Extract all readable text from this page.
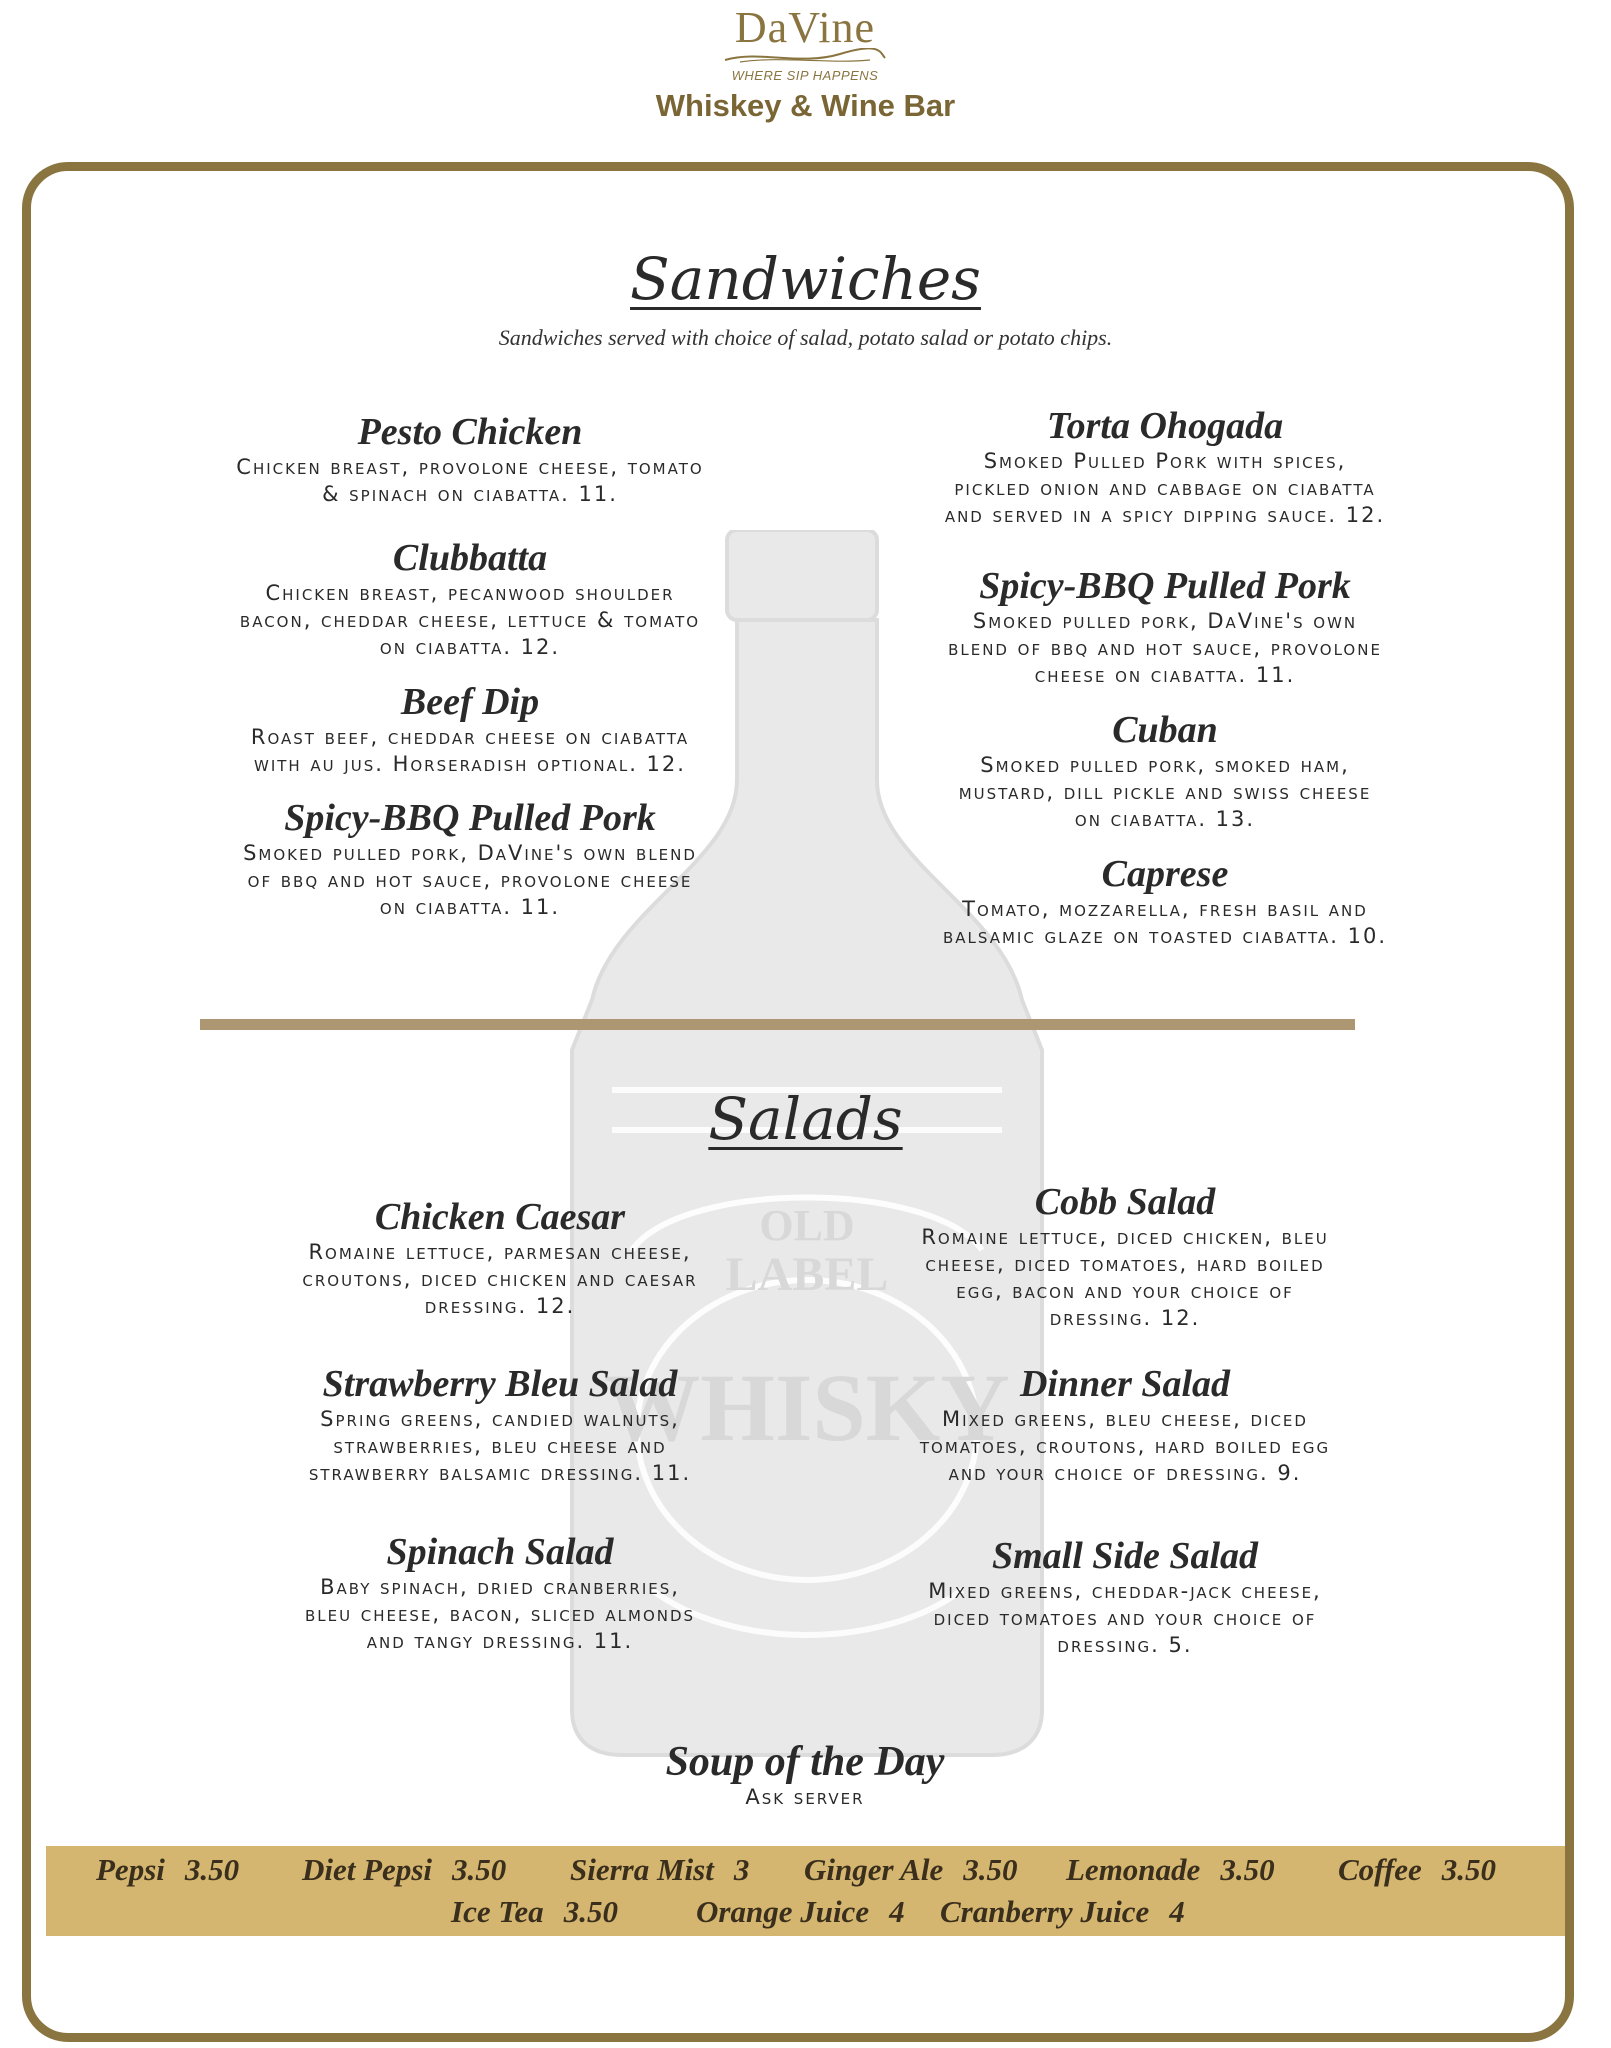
DaVine
WHERE SIP HAPPENS
Whiskey & Wine Bar
OLD
LABEL
WHISKY
Sandwiches
Sandwiches served with choice of salad, potato salad or potato chips.
Pesto Chicken
Chicken breast, provolone cheese, tomato
& spinach on ciabatta. 11.
Clubbatta
Chicken breast, pecanwood shoulder
bacon, cheddar cheese, lettuce & tomato
on ciabatta. 12.
Beef Dip
Roast beef, cheddar cheese on ciabatta
with au jus. Horseradish optional. 12.
Spicy-BBQ Pulled Pork
Smoked pulled pork, DaVine's own blend
of bbq and hot sauce, provolone cheese
on ciabatta. 11.
Torta Ohogada
Smoked Pulled Pork with spices,
pickled onion and cabbage on ciabatta
and served in a spicy dipping sauce. 12.
Spicy-BBQ Pulled Pork
Smoked pulled pork, DaVine's own
blend of bbq and hot sauce, provolone
cheese on ciabatta. 11.
Cuban
Smoked pulled pork, smoked ham,
mustard, dill pickle and swiss cheese
on ciabatta. 13.
Caprese
Tomato, mozzarella, fresh basil and
balsamic glaze on toasted ciabatta. 10.
Salads
Chicken Caesar
Romaine lettuce, parmesan cheese,
croutons, diced chicken and caesar
dressing. 12.
Strawberry Bleu Salad
Spring greens, candied walnuts,
strawberries, bleu cheese and
strawberry balsamic dressing. 11.
Spinach Salad
Baby spinach, dried cranberries,
bleu cheese, bacon, sliced almonds
and tangy dressing. 11.
Cobb Salad
Romaine lettuce, diced chicken, bleu
cheese, diced tomatoes, hard boiled
egg, bacon and your choice of
dressing. 12.
Dinner Salad
Mixed greens, bleu cheese, diced
tomatoes, croutons, hard boiled egg
and your choice of dressing. 9.
Small Side Salad
Mixed greens, cheddar-jack cheese,
diced tomatoes and your choice of
dressing. 5.
Soup of the Day
Ask server
Pepsi 3.50 Diet Pepsi 3.50 Sierra Mist 3 Ginger Ale 3.50 Lemonade 3.50 Coffee 3.50
Ice Tea 3.50	Orange Juice 4 Cranberry Juice 4
